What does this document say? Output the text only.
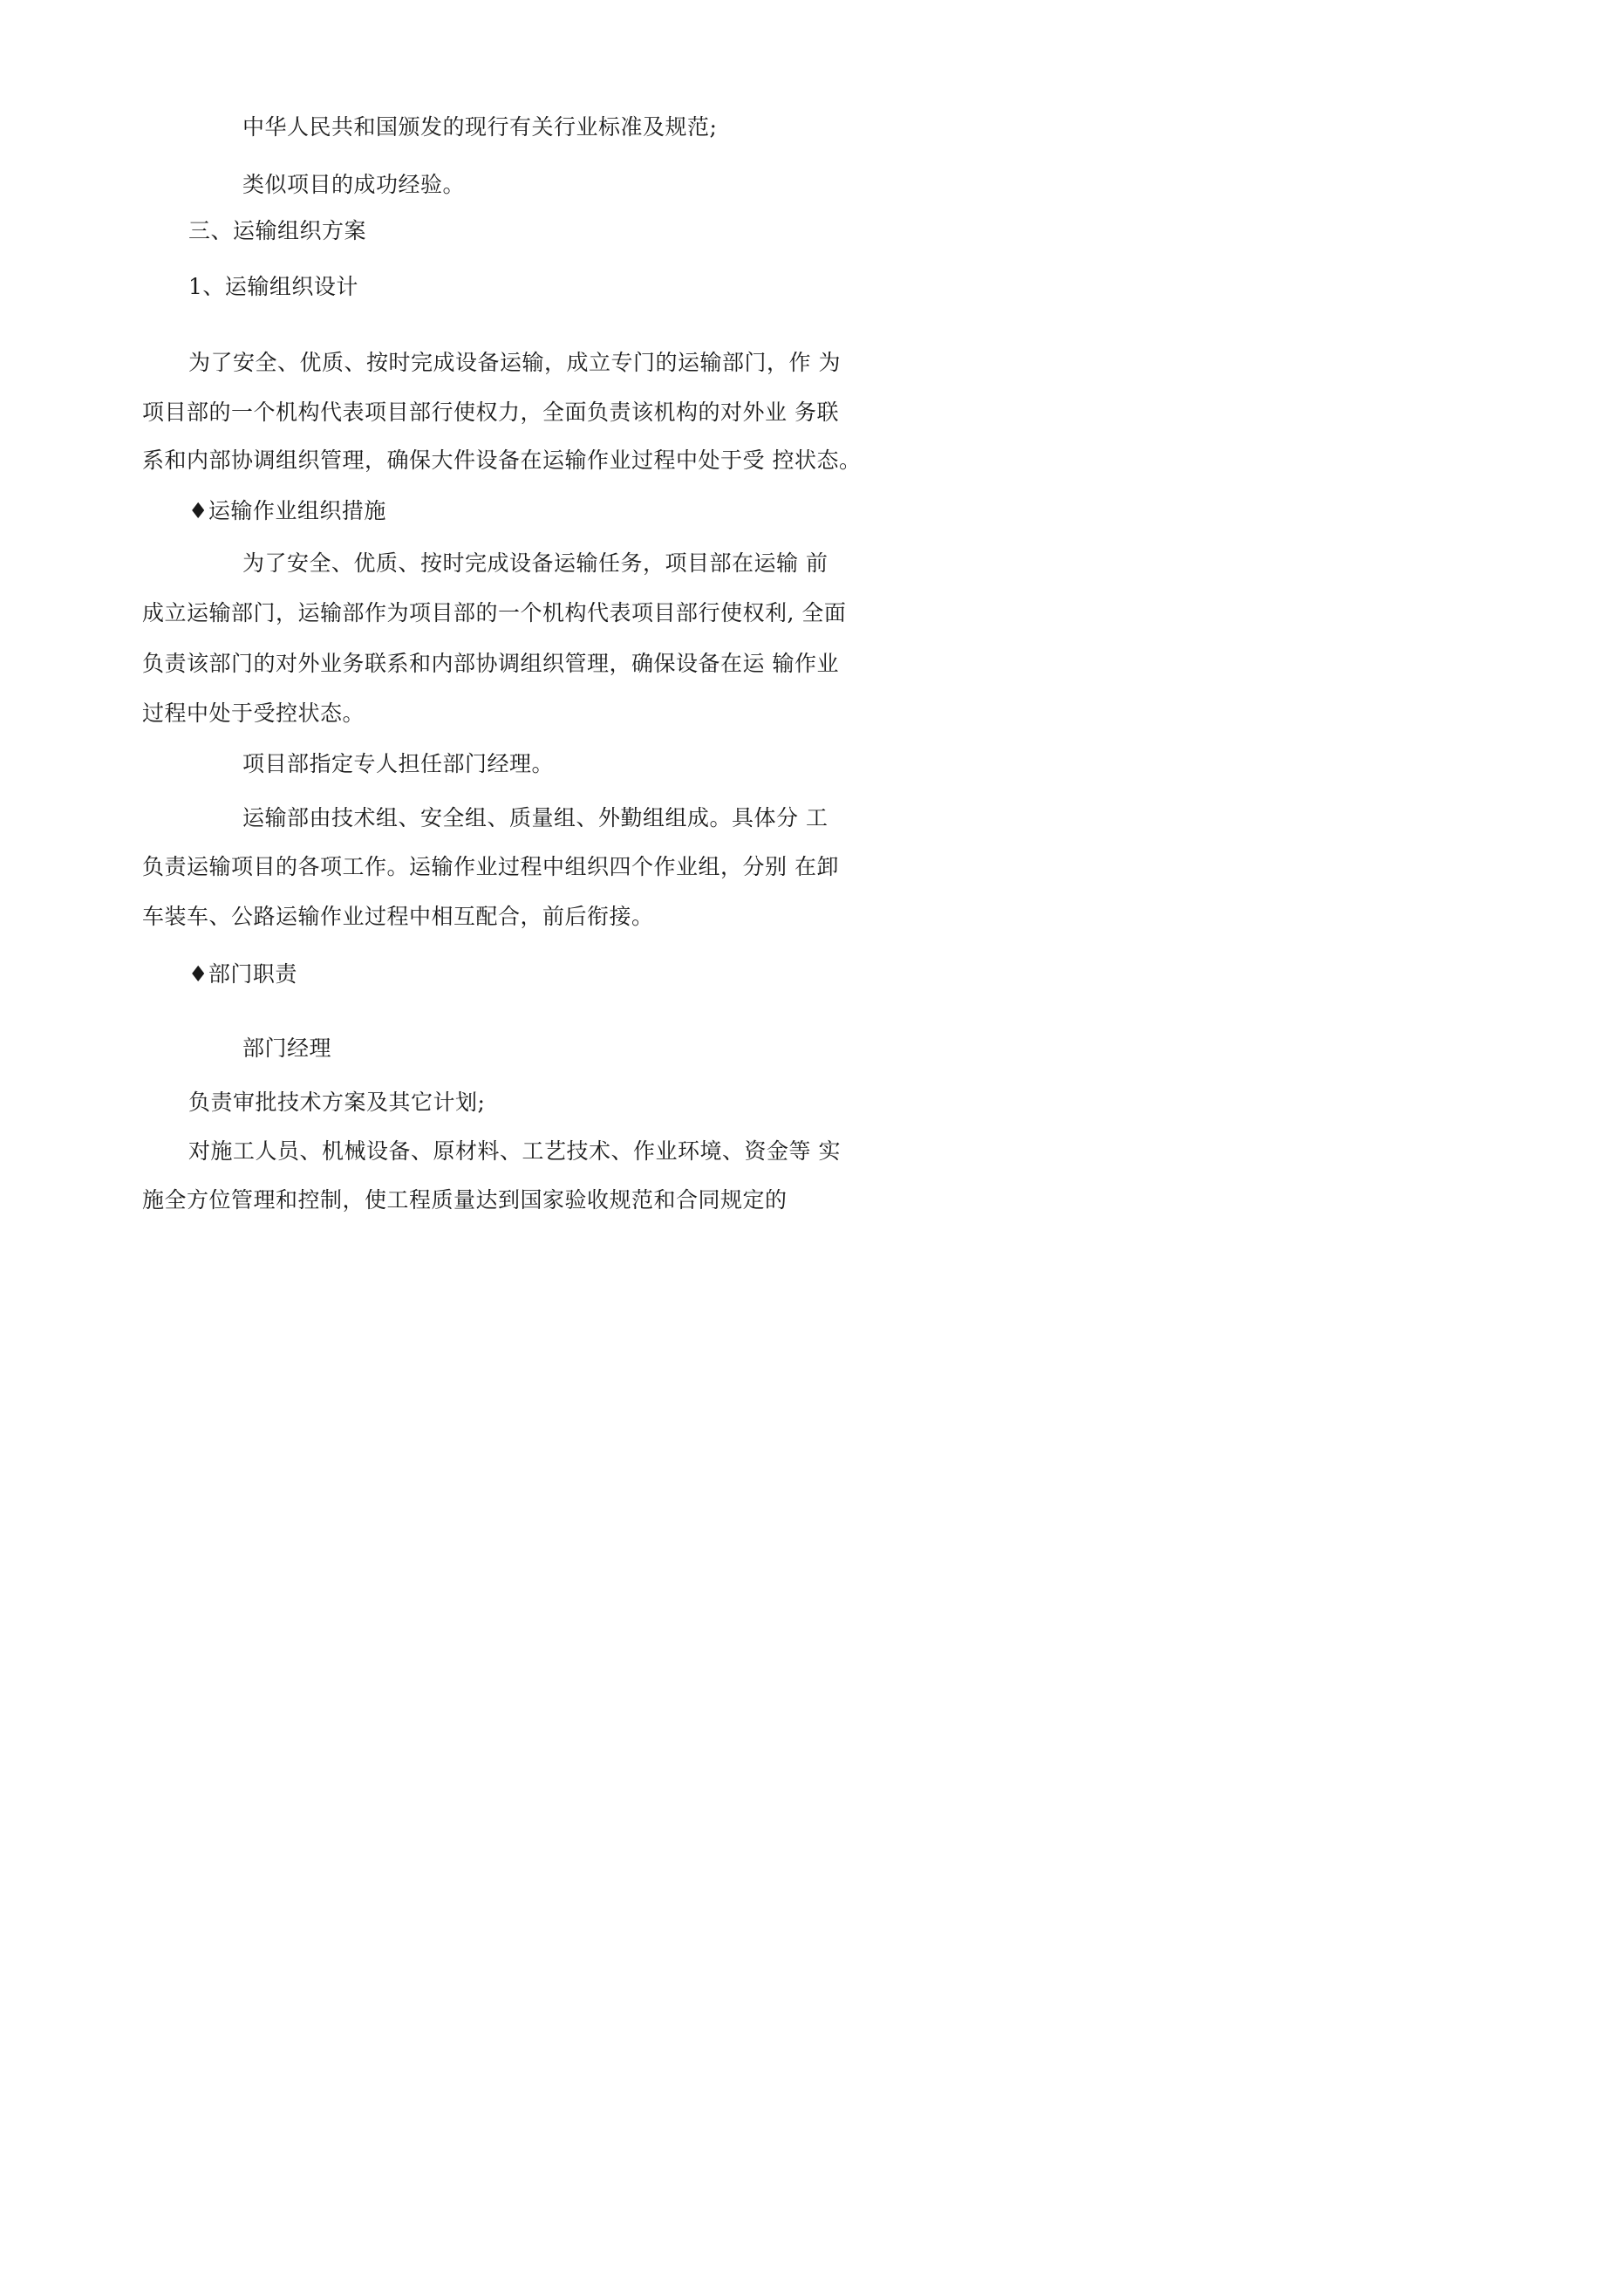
中华人民共和国颁发的现行有关行业标准及规范;
类似项目的成功经验。
三、运输组织方案
1、运输组织设计
为了安全、优质、按时完成设备运输，成立专门的运输部门，作 为
项目部的一个机构代表项目部行使权力，全面负责该机构的对外业 务联
系和内部协调组织管理，确保大件设备在运输作业过程中处于受 控状态。
♦运输作业组织措施
为了安全、优质、按时完成设备运输任务，项目部在运输 前
成立运输部门，运输部作为项目部的一个机构代表项目部行使权利, 全面
负责该部门的对外业务联系和内部协调组织管理，确保设备在运 输作业
过程中处于受控状态。
项目部指定专人担任部门经理。
运输部由技术组、安全组、质量组、外勤组组成。具体分 工
负责运输项目的各项工作。运输作业过程中组织四个作业组，分别 在卸
车装车、公路运输作业过程中相互配合，前后衔接。
♦部门职责
部门经理
负责审批技术方案及其它计划;
对施工人员、机械设备、原材料、工艺技术、作业环境、资金等 实
施全方位管理和控制，使工程质量达到国家验收规范和合同规定的
